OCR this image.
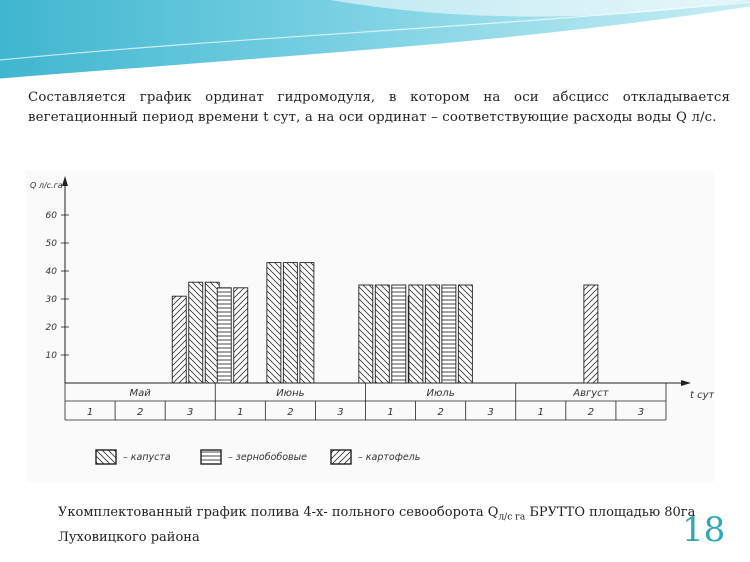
Составляется график ординат гидромодуля, в котором на оси абсцисс откладывается вегетационный период времени t сут, а на оси ординат – соответствующие расходы воды Q л/с.
Q л/с.га
10
20
30
40
50
60
t сут
Май	Июнь	Июль	Август
1	2	3	1	2	3	1	2	3	1	2	3
– капуста	– зернобобовые	– картофель
Укомплектованный график полива 4-х- польного севооборота $Q_{л/с га}$ БРУТТО площадью 80га Луховицкого района	18
